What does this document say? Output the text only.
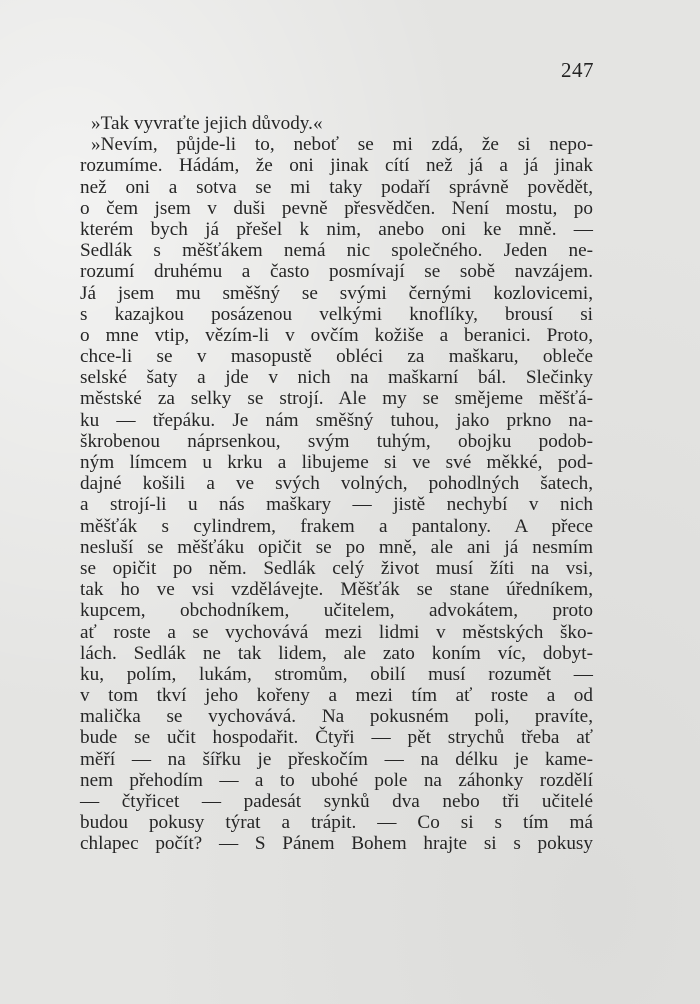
247
»Tak vyvraťte jejich důvody.«
»Nevím, půjde-li to, neboť se mi zdá, že si nepo-
rozumíme. Hádám, že oni jinak cítí než já a já jinak
než oni a sotva se mi taky podaří správně povědět,
o čem jsem v duši pevně přesvědčen. Není mostu, po
kterém bych já přešel k nim, anebo oni ke mně. —
Sedlák s měšťákem nemá nic společného. Jeden ne-
rozumí druhému a často posmívají se sobě navzájem.
Já jsem mu směšný se svými černými kozlovicemi,
s kazajkou posázenou velkými knoflíky, brousí si
o mne vtip, vězím-li v ovčím kožiše a beranici. Proto,
chce-li se v masopustě obléci za maškaru, obleče
selské šaty a jde v nich na maškarní bál. Slečinky
městské za selky se strojí. Ale my se smějeme měšťá-
ku — třepáku. Je nám směšný tuhou, jako prkno na-
škrobenou náprsenkou, svým tuhým, obojku podob-
ným límcem u krku a libujeme si ve své měkké, pod-
dajné košili a ve svých volných, pohodlných šatech,
a strojí-li u nás maškary — jistě nechybí v nich
měšťák s cylindrem, frakem a pantalony. A přece
nesluší se měšťáku opičit se po mně, ale ani já nesmím
se opičit po něm. Sedlák celý život musí žíti na vsi,
tak ho ve vsi vzdělávejte. Měšťák se stane úředníkem,
kupcem, obchodníkem, učitelem, advokátem, proto
ať roste a se vychovává mezi lidmi v městských ško-
lách. Sedlák ne tak lidem, ale zato koním víc, dobyt-
ku, polím, lukám, stromům, obilí musí rozumět —
v tom tkví jeho kořeny a mezi tím ať roste a od
malička se vychovává. Na pokusném poli, pravíte,
bude se učit hospodařit. Čtyři — pět strychů třeba ať
měří — na šířku je přeskočím — na délku je kame-
nem přehodím — a to ubohé pole na záhonky rozdělí
— čtyřicet — padesát synků dva nebo tři učitelé
budou pokusy týrat a trápit. — Co si s tím má
chlapec počít? — S Pánem Bohem hrajte si s pokusy
